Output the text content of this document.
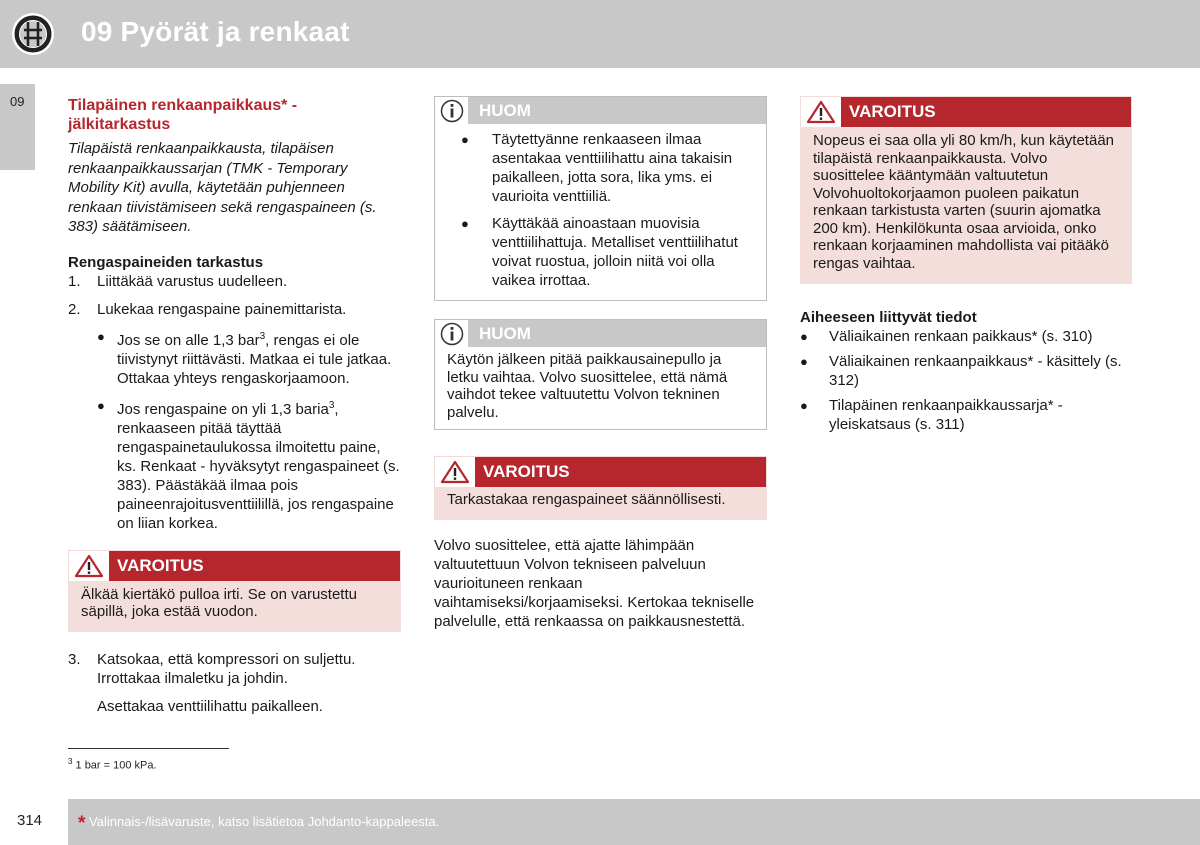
09 Pyörät ja renkaat
09	Tilapäinen renkaanpaikkaus* - jälkitarkastus
Tilapäistä renkaanpaikkausta, tilapäisen renkaanpaikkaussarjan (TMK - Temporary Mobility Kit) avulla, käytetään puhjenneen renkaan tiivistämiseen sekä rengaspaineen (s. 383) säätämiseen.
Rengaspaineiden tarkastus
1.	Liittäkää varustus uudelleen.
2.	Lukekaa rengaspaine painemittarista.
● Jos se on alle 1,3 bar$^3$, rengas ei ole tiivistynyt riittävästi. Matkaa ei tule jatkaa. Ottakaa yhteys rengaskorjaamoon.
● Jos rengaspaine on yli 1,3 baria$^3$, renkaaseen pitää täyttää rengaspainetaulukossa ilmoitettu paine, ks. Renkaat - hyväksytyt rengaspaineet (s. 383). Päästäkää ilmaa pois paineenrajoitusventtiilillä, jos rengaspaine on liian korkea.
VAROITUS
Älkää kiertäkö pulloa irti. Se on varustettu säpillä, joka estää vuodon.
3.	Katsokaa, että kompressori on suljettu. Irrottakaa ilmaletku ja johdin.
Asettakaa venttiilihattu paikalleen.
HUOM
●	Täytettyänne renkaaseen ilmaa asentakaa venttiilihattu aina takaisin paikalleen, jotta sora, lika yms. ei vaurioita venttiiliä.
●	Käyttäkää ainoastaan muovisia venttiilihattuja. Metalliset venttiilihatut voivat ruostua, jolloin niitä voi olla vaikea irrottaa.
HUOM
Käytön jälkeen pitää paikkausainepullo ja letku vaihtaa. Volvo suosittelee, että nämä vaihdot tekee valtuutettu Volvon tekninen palvelu.
VAROITUS
Tarkastakaa rengaspaineet säännöllisesti.
Volvo suosittelee, että ajatte lähimpään valtuutettuun Volvon tekniseen palveluun vaurioituneen renkaan vaihtamiseksi/korjaamiseksi. Kertokaa tekniselle palvelulle, että renkaassa on paikkausnestettä.
VAROITUS
Nopeus ei saa olla yli 80 km/h, kun käytetään tilapäistä renkaanpaikkausta. Volvo suosittelee kääntymään valtuutetun Volvohuoltokorjaamon puoleen paikatun renkaan tarkistusta varten (suurin ajomatka 200 km). Henkilökunta osaa arvioida, onko renkaan korjaaminen mahdollista vai pitääkö rengas vaihtaa.
Aiheeseen liittyvät tiedot
●	Väliaikainen renkaan paikkaus* (s. 310)
●	Väliaikainen renkaanpaikkaus* - käsittely (s. 312)
●	Tilapäinen renkaanpaikkaussarja* - yleiskatsaus (s. 311)
$^3$ 1 bar = 100 kPa.
314 * Valinnais-/lisävaruste, katso lisätietoa Johdanto-kappaleesta.
